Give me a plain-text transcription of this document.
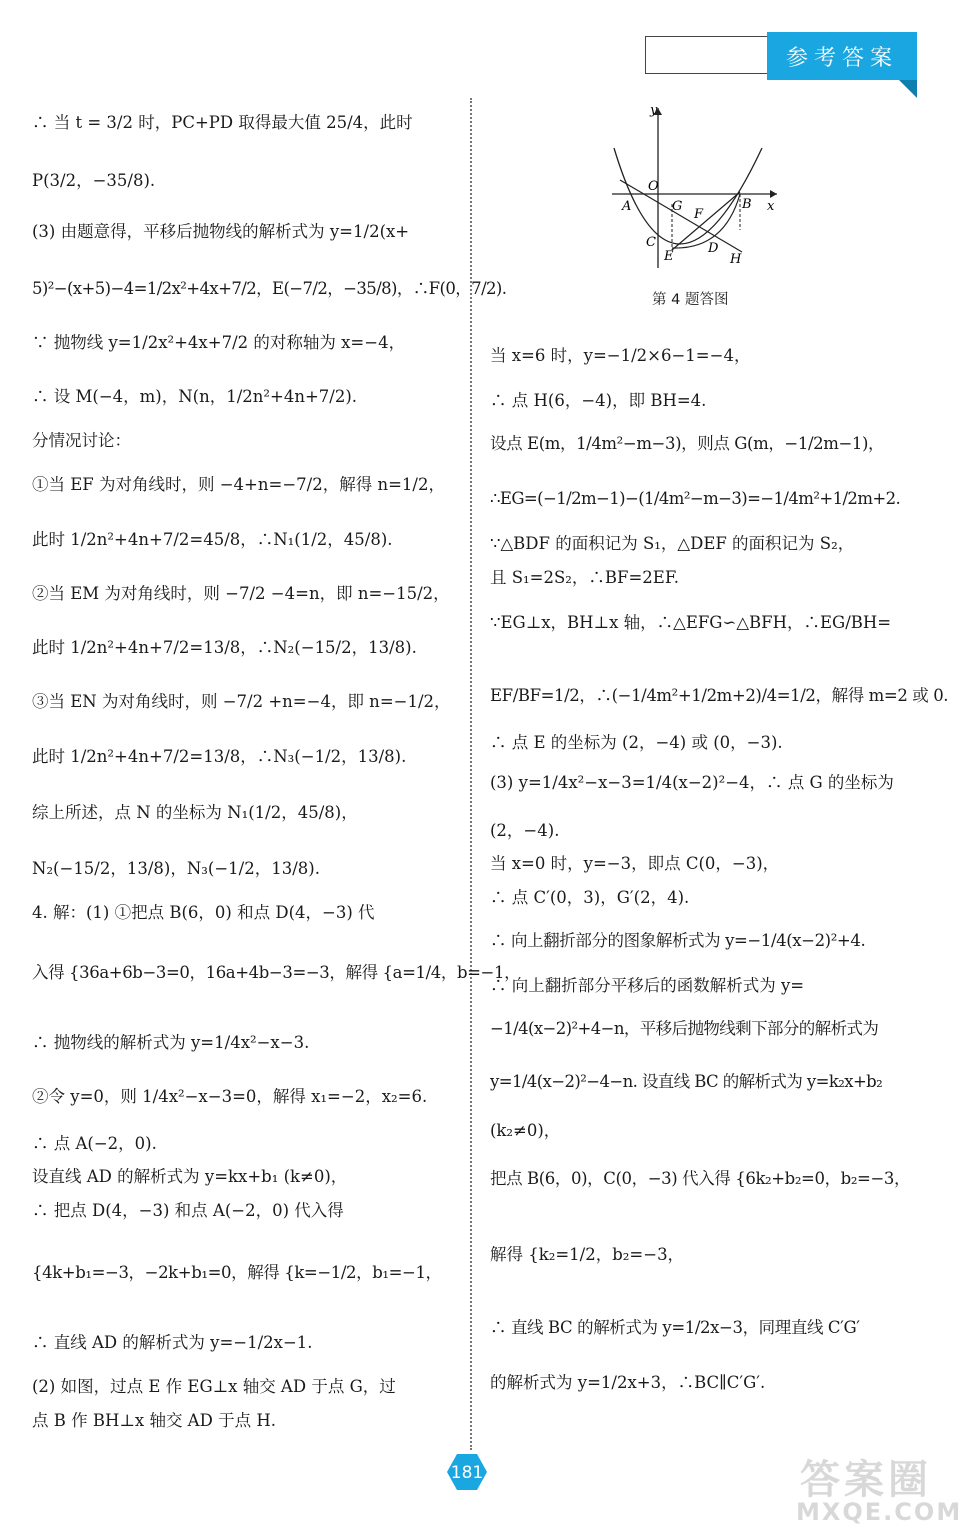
参考答案
∴ 当 t = 3/2 时，PC+PD 取得最大值 25/4，此时
P(3/2，−35/8).
(3) 由题意得，平移后抛物线的解析式为 y=1/2(x+
5)²−(x+5)−4=1/2x²+4x+7/2，E(−7/2，−35/8)，∴F(0，7/2).
∵ 抛物线 y=1/2x²+4x+7/2 的对称轴为 x=−4，
∴ 设 M(−4，m)，N(n，1/2n²+4n+7/2).
分情况讨论：
①当 EF 为对角线时，则 −4+n=−7/2，解得 n=1/2，
此时 1/2n²+4n+7/2=45/8，∴N₁(1/2，45/8).
②当 EM 为对角线时，则 −7/2 −4=n，即 n=−15/2，
此时 1/2n²+4n+7/2=13/8，∴N₂(−15/2，13/8).
③当 EN 为对角线时，则 −7/2 +n=−4，即 n=−1/2，
此时 1/2n²+4n+7/2=13/8，∴N₃(−1/2，13/8).
综上所述，点 N 的坐标为 N₁(1/2，45/8)，
N₂(−15/2，13/8)，N₃(−1/2，13/8).
4. 解：(1) ①把点 B(6，0) 和点 D(4，−3) 代
入得 {36a+6b−3=0，16a+4b−3=−3，解得 {a=1/4，b=−1，
∴ 抛物线的解析式为 y=1/4x²−x−3.
②令 y=0，则 1/4x²−x−3=0，解得 x₁=−2，x₂=6.
∴ 点 A(−2，0).
设直线 AD 的解析式为 y=kx+b₁ (k≠0)，
∴ 把点 D(4，−3) 和点 A(−2，0) 代入得
{4k+b₁=−3，−2k+b₁=0，解得 {k=−1/2，b₁=−1，
∴ 直线 AD 的解析式为 y=−1/2x−1.
(2) 如图，过点 E 作 EG⊥x 轴交 AD 于点 G，过
点 B 作 BH⊥x 轴交 AD 于点 H.
y
O
A	G
F
B x
C
E
D
H
第 4 题答图
当 x=6 时，y=−1/2×6−1=−4，
∴ 点 H(6，−4)，即 BH=4.
设点 E(m，1/4m²−m−3)，则点 G(m，−1/2m−1)，
∴EG=(−1/2m−1)−(1/4m²−m−3)=−1/4m²+1/2m+2.
∵△BDF 的面积记为 S₁，△DEF 的面积记为 S₂，
且 S₁=2S₂，∴BF=2EF.
∵EG⊥x，BH⊥x 轴，∴△EFG∽△BFH，∴EG/BH=
EF/BF=1/2，∴(−1/4m²+1/2m+2)/4=1/2，解得 m=2 或 0.
∴ 点 E 的坐标为 (2，−4) 或 (0，−3).
(3) y=1/4x²−x−3=1/4(x−2)²−4，∴ 点 G 的坐标为
(2，−4).
当 x=0 时，y=−3，即点 C(0，−3)，
∴ 点 C′(0，3)，G′(2，4).
∴ 向上翻折部分的图象解析式为 y=−1/4(x−2)²+4.
∴ 向上翻折部分平移后的函数解析式为 y=
−1/4(x−2)²+4−n，平移后抛物线剩下部分的解析式为
y=1/4(x−2)²−4−n. 设直线 BC 的解析式为 y=k₂x+b₂
(k₂≠0)，
把点 B(6，0)，C(0，−3) 代入得 {6k₂+b₂=0，b₂=−3，
解得 {k₂=1/2，b₂=−3，
∴ 直线 BC 的解析式为 y=1/2x−3，同理直线 C′G′
的解析式为 y=1/2x+3，∴BC∥C′G′.
181	答案圈
MXQE.COM
